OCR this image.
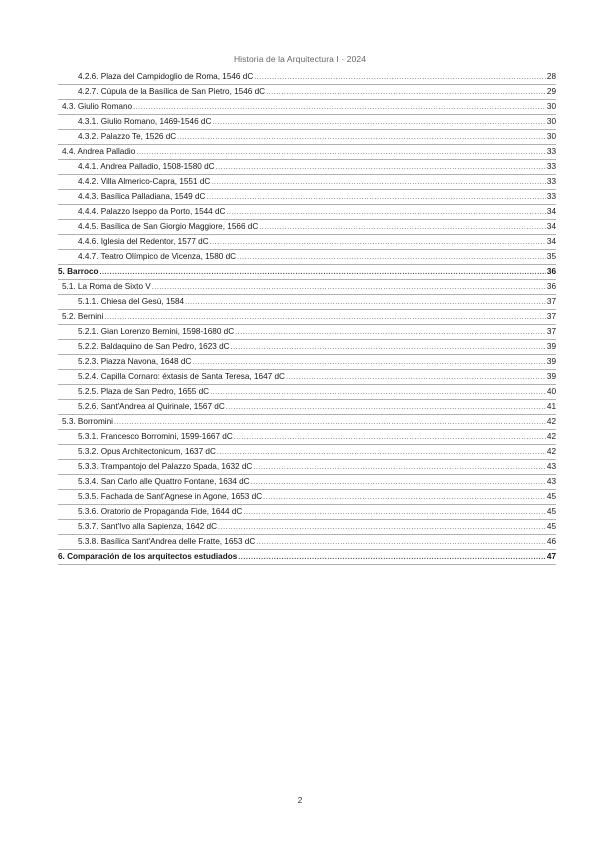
Historia de la Arquitectura I · 2024
4.2.6. Plaza del Campidoglio de Roma, 1546 dC .....	28
4.2.7. Cúpula de la Basílica de San Pietro, 1546 dC .....	29
4.3. Giulio Romano .....	30
4.3.1. Giulio Romano, 1469-1546 dC .....	30
4.3.2. Palazzo Te, 1526 dC .....	30
4.4. Andrea Palladio .....	33
4.4.1. Andrea Palladio, 1508-1580 dC .....	33
4.4.2. Villa Almerico-Capra, 1551 dC .....	33
4.4.3. Basílica Palladiana, 1549 dC .....	33
4.4.4. Palazzo Iseppo da Porto, 1544 dC .....	34
4.4.5. Basílica de San Giorgio Maggiore, 1566 dC .....	34
4.4.6. Iglesia del Redentor, 1577 dC .....	34
4.4.7. Teatro Olímpico de Vicenza, 1580 dC .....	35
5. Barroco .....	36
5.1. La Roma de Sixto V .....	36
5.1.1. Chiesa del Gesù, 1584 .....	37
5.2. Bernini .....	37
5.2.1. Gian Lorenzo Bernini, 1598-1680 dC .....	37
5.2.2. Baldaquino de San Pedro, 1623 dC .....	39
5.2.3. Piazza Navona, 1648 dC .....	39
5.2.4. Capilla Cornaro: éxtasis de Santa Teresa, 1647 dC .....	39
5.2.5. Plaza de San Pedro, 1655 dC .....	40
5.2.6. Sant'Andrea al Quirinale, 1567 dC .....	41
5.3. Borromini .....	42
5.3.1. Francesco Borromini, 1599-1667 dC .....	42
5.3.2. Opus Architectonicum, 1637 dC .....	42
5.3.3. Trampantojo del Palazzo Spada, 1632 dC .....	43
5.3.4. San Carlo alle Quattro Fontane, 1634 dC .....	43
5.3.5. Fachada de Sant'Agnese in Agone, 1653 dC .....	45
5.3.6. Oratorio de Propaganda Fide, 1644 dC .....	45
5.3.7. Sant'Ivo alla Sapienza, 1642 dC .....	45
5.3.8. Basílica Sant'Andrea delle Fratte, 1653 dC .....	46
6. Comparación de los arquitectos estudiados .....	47
2
